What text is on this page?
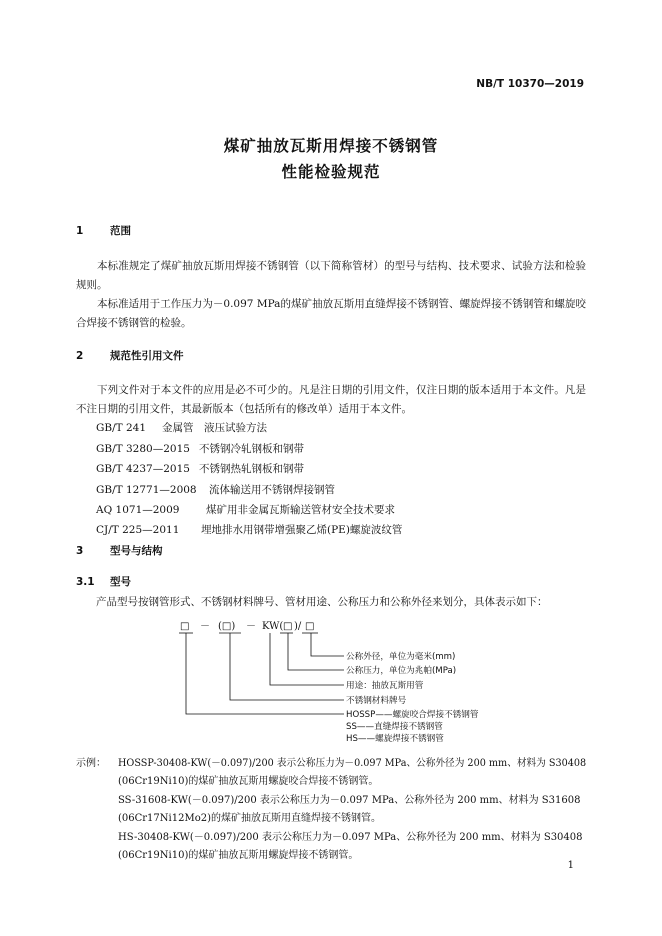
NB/T 10370—2019
煤矿抽放瓦斯用焊接不锈钢管
性能检验规范
1	范围
本标准规定了煤矿抽放瓦斯用焊接不锈钢管（以下简称管材）的型号与结构、技术要求、试验方法和检验规则。
本标准适用于工作压力为－0.097 MPa的煤矿抽放瓦斯用直缝焊接不锈钢管、螺旋焊接不锈钢管和螺旋咬合焊接不锈钢管的检验。
2	规范性引用文件
下列文件对于本文件的应用是必不可少的。凡是注日期的引用文件，仅注日期的版本适用于本文件。凡是不注日期的引用文件，其最新版本（包括所有的修改单）适用于本文件。
GB/T 241 金属管　液压试验方法
GB/T 3280—2015 不锈钢冷轧钢板和钢带
GB/T 4237—2015 不锈钢热轧钢板和钢带
GB/T 12771—2008 流体输送用不锈钢焊接钢管
AQ 1071—2009	煤矿用非金属瓦斯输送管材安全技术要求
CJ/T 225—2011 埋地排水用钢带增强聚乙烯(PE)螺旋波纹管
3	型号与结构
3.1 型号
产品型号按钢管形式、不锈钢材料牌号、管材用途、公称压力和公称外径来划分，具体表示如下：
□ － (□) － KW( □ )/ □
公称外径，单位为毫米(mm)
公称压力，单位为兆帕(MPa)
用途：抽放瓦斯用管
不锈钢材料牌号
HOSSP——螺旋咬合焊接不锈钢管
SS——直缝焊接不锈钢管
HS——螺旋焊接不锈钢管
示例： HOSSP-30408-KW(－0.097)/200 表示公称压力为－0.097 MPa、公称外径为 200 mm、材料为 S30408
(06Cr19Ni10)的煤矿抽放瓦斯用螺旋咬合焊接不锈钢管。
SS-31608-KW(－0.097)/200 表示公称压力为－0.097 MPa、公称外径为 200 mm、材料为 S31608
(06Cr17Ni12Mo2)的煤矿抽放瓦斯用直缝焊接不锈钢管。
HS-30408-KW(－0.097)/200 表示公称压力为－0.097 MPa、公称外径为 200 mm、材料为 S30408
(06Cr19Ni10)的煤矿抽放瓦斯用螺旋焊接不锈钢管。
1
